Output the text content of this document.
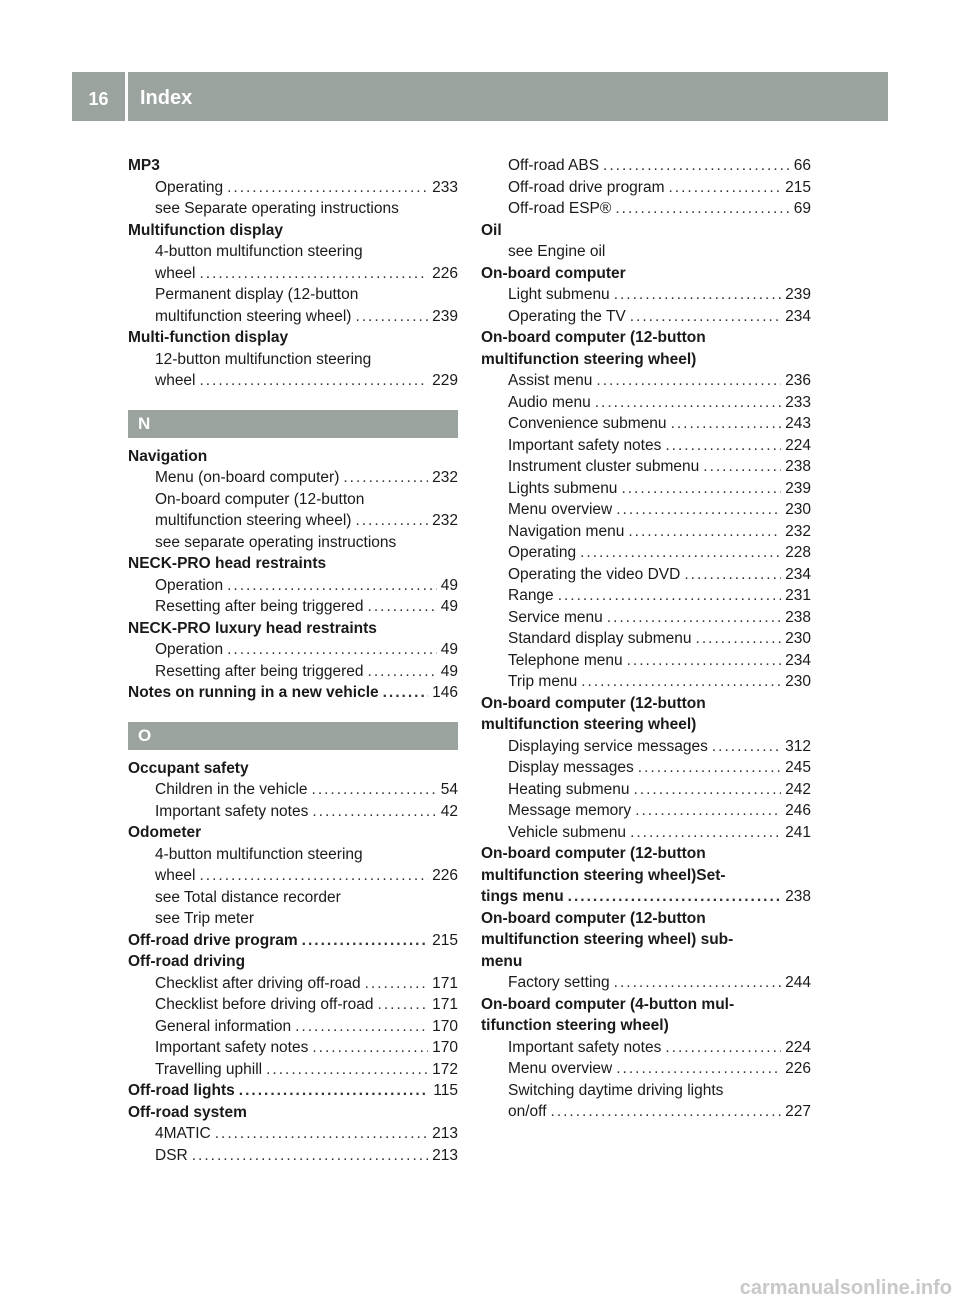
16	Index
MP3
Operating .....	233
see Separate operating instructions
Multifunction display
4-button multifunction steering
wheel .....	226
Permanent display (12-button
multifunction steering wheel) .....	239
Multi-function display
12-button multifunction steering
wheel .....	229
N
Navigation
Menu (on-board computer) .....	232
On-board computer (12-button
multifunction steering wheel) .....	232
see separate operating instructions
NECK-PRO head restraints
Operation .....	49
Resetting after being triggered .....	49
NECK-PRO luxury head restraints
Operation .....	49
Resetting after being triggered .....	49
Notes on running in a new vehicle .....	146
O
Occupant safety
Children in the vehicle .....	54
Important safety notes .....	42
Odometer
4-button multifunction steering
wheel .....	226
see Total distance recorder
see Trip meter
Off-road drive program .....	215
Off-road driving
Checklist after driving off-road .....	171
Checklist before driving off-road .....	171
General information .....	170
Important safety notes .....	170
Travelling uphill .....	172
Off-road lights .....	115
Off-road system
4MATIC .....	213
DSR .....	213
Off-road ABS .....	66
Off-road drive program .....	215
Off-road ESP® .....	69
Oil
see Engine oil
On-board computer
Light submenu .....	239
Operating the TV .....	234
On-board computer (12-button
multifunction steering wheel)
Assist menu .....	236
Audio menu .....	233
Convenience submenu .....	243
Important safety notes .....	224
Instrument cluster submenu .....	238
Lights submenu .....	239
Menu overview .....	230
Navigation menu .....	232
Operating .....	228
Operating the video DVD .....	234
Range .....	231
Service menu .....	238
Standard display submenu .....	230
Telephone menu .....	234
Trip menu .....	230
On-board computer (12-button
multifunction steering wheel)
Displaying service messages .....	312
Display messages .....	245
Heating submenu .....	242
Message memory .....	246
Vehicle submenu .....	241
On-board computer (12-button
multifunction steering wheel)Set-
tings menu .....	238
On-board computer (12-button
multifunction steering wheel) sub-
menu
Factory setting .....	244
On-board computer (4-button mul-
tifunction steering wheel)
Important safety notes .....	224
Menu overview .....	226
Switching daytime driving lights
on/off .....	227
carmanualsonline.info
